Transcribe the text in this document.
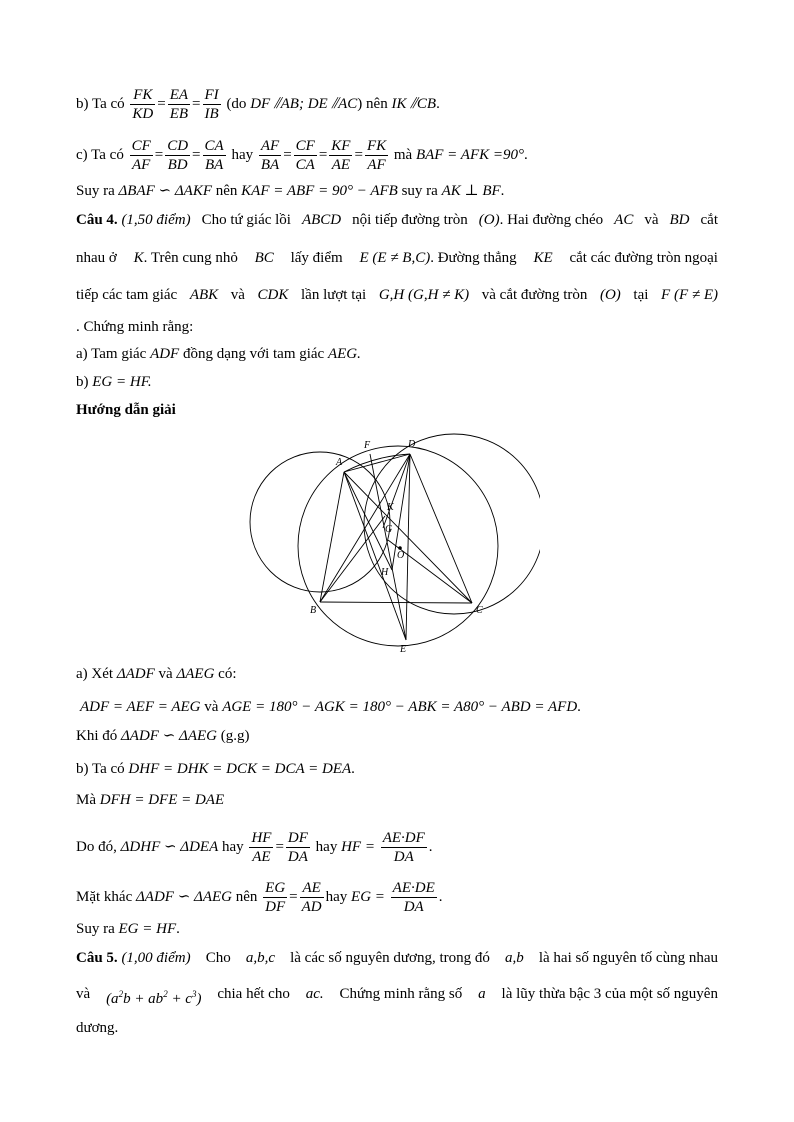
b) Ta có $\frac{FK}{KD} = \frac{EA}{EB} = \frac{FI}{IB} (do$ DF ⫽AB; DE ⫽AC) nên IK ⫽CB.
c) Ta có $\frac{CF}{AF} = \frac{CD}{BD} = \frac{CA}{BA}$ hay $\frac{AF}{BA} = \frac{CF}{CA} = \frac{KF}{AE} = \frac{FK}{AF}$ mà BAF = AFK =90°.
Suy ra ΔBAF ∽ ΔAKF nên KAF = ABF = 90° − AFB suy ra AK ⊥ BF.
Câu 4. (1,50 điểm) Cho tứ giác lồi ABCD nội tiếp đường tròn (O). Hai đường chéo AC và BD cắt
nhau ở K. Trên cung nhỏ BC lấy điểm E (E ≠ B,C). Đường thẳng KE cắt các đường tròn ngoại
tiếp các tam giác ABK và CDK lần lượt tại G,H (G,H ≠ K) và cắt đường tròn (O) tại F (F ≠ E)
. Chứng minh rằng:
a) Tam giác ADF đồng dạng với tam giác AEG.
b) EG = HF.
Hướng dẫn giải
A
B	C
D
E
F
K
G
H
O
a) Xét ΔADF và ΔAEG có:
ADF = AEF = AEG và AGE = 180° − AGK = 180° − ABK = A80° − ABD = AFD.
Khi đó ΔADF ∽ ΔAEG (g.g)
b) Ta có DHF = DHK = DCK = DCA = DEA.
Mà DFH = DFE = DAE
Do đó, ΔDHF ∽ ΔDEA hay $\frac{HF}{AE} = \frac{DF}{DA}$ hay HF = $\frac{AE\cdot DF}{DA}$ .
Mặt khác ΔADF ∽ ΔAEG nên $\frac{EG}{DF} = \frac{AE}{AD}$ hay EG = $\frac{AE\cdot DE}{DA}$ .
Suy ra EG = HF.
Câu 5. (1,00 điểm) Cho a,b,c là các số nguyên dương, trong đó a,b là hai số nguyên tố cùng nhau
và $(a^2b + ab^2 + c^3)$ chia hết cho ac. Chứng minh rằng số a là lũy thừa bậc 3 của một số nguyên
dương.
